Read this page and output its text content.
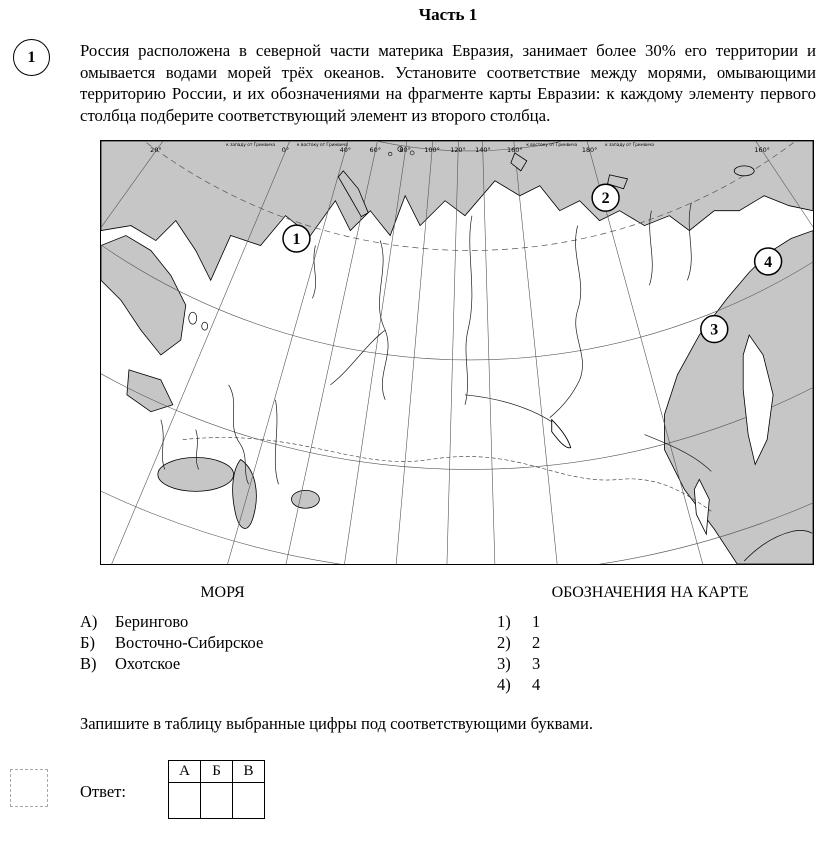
Часть 1
1	Россия расположена в северной части материка Евразия, занимает более 30% его территории и омывается водами морей трёх океанов. Установите соответствие между морями, омывающими территорию России, и их обозначениями на фрагменте карты Евразии: к каждому элементу первого столбца подберите соответствующий элемент из второго столбца.
20°	0°	40°	60°	80° 100° 120° 140°	160°	180°	160°
к западу от Гринвича	к востоку от Гринвича	к востоку от Гринвича	к западу от Гринвича
1
2
3
4
МОРЯ	ОБОЗНАЧЕНИЯ НА КАРТЕ
А)	Берингово
Б)	Восточно-Сибирское
В)	Охотское
1)	1
2)	2
3)	3
4)	4
Запишите в таблицу выбранные цифры под соответствующими буквами.
Ответ:
А	Б	В
